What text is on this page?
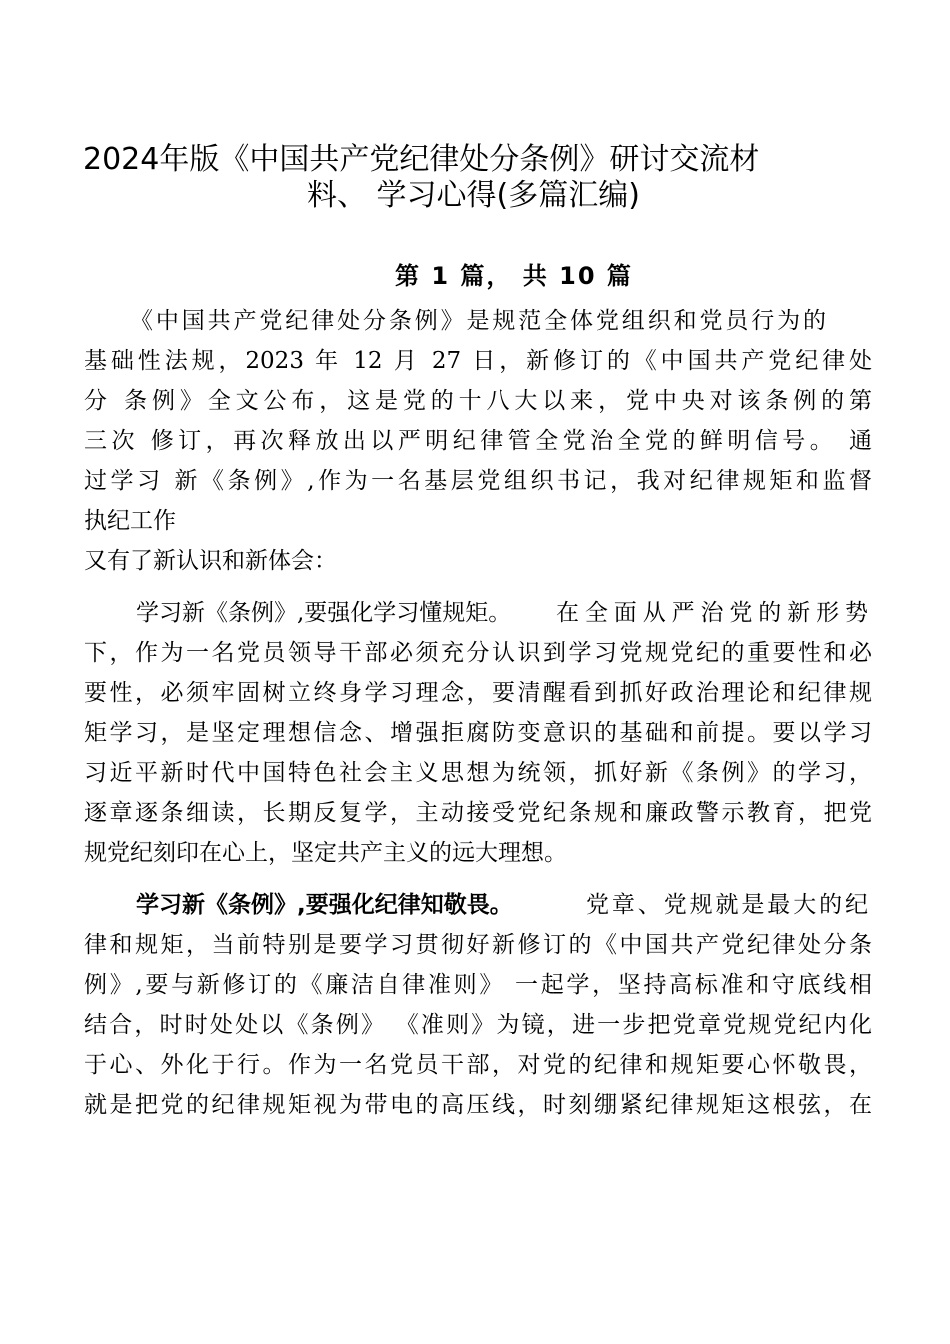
2024年版《中国共产党纪律处分条例》研讨交流材
料、 学习心得(多篇汇编)
第 1 篇， 共 10 篇
《中国共产党纪律处分条例》是规范全体党组织和党员行为的
基础性法规，2023 年 12 月 27 日，新修订的《中国共产党纪律处
分 条例》全文公布，这是党的十八大以来，党中央对该条例的第
三次 修订，再次释放出以严明纪律管全党治全党的鲜明信号。 通
过学习 新《条例》,作为一名基层党组织书记，我对纪律规矩和监督
执纪工作
又有了新认识和新体会：
学习新《条例》,要强化学习懂规矩。 在全面从严治党的新形势
下，作为一名党员领导干部必须充分认识到学习党规党纪的重要性和必
要性，必须牢固树立终身学习理念，要清醒看到抓好政治理论和纪律规
矩学习，是坚定理想信念、增强拒腐防变意识的基础和前提。要以学习
习近平新时代中国特色社会主义思想为统领，抓好新《条例》的学习，
逐章逐条细读，长期反复学，主动接受党纪条规和廉政警示教育，把党
规党纪刻印在心上，坚定共产主义的远大理想。
学习新《条例》,要强化纪律知敬畏。	党章、党规就是最大的纪
律和规矩，当前特别是要学习贯彻好新修订的《中国共产党纪律处分条
例》,要与新修订的《廉洁自律准则》 一起学，坚持高标准和守底线相
结合，时时处处以《条例》 《准则》为镜，进一步把党章党规党纪内化
于心、外化于行。作为一名党员干部，对党的纪律和规矩要心怀敬畏，
就是把党的纪律规矩视为带电的高压线，时刻绷紧纪律规矩这根弦，在
